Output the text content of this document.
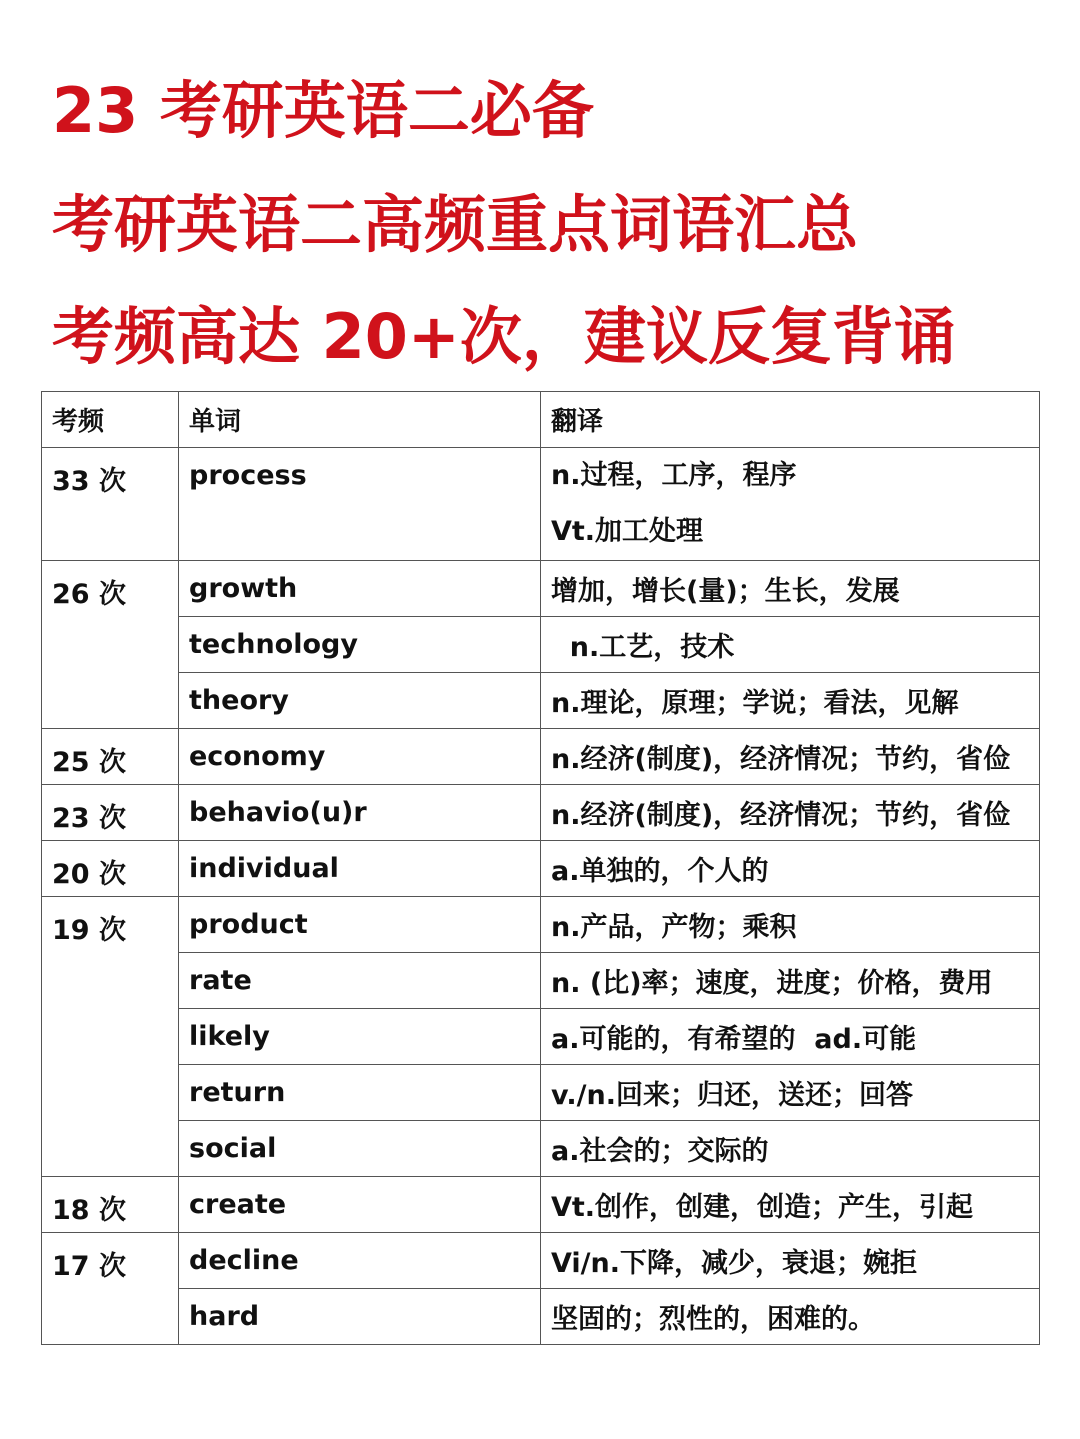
23 考研英语二必备
考研英语二高频重点词语汇总
考频高达 20+次，建议反复背诵
考频	单词	翻译
33 次	process	n.过程，工序，程序
Vt.加工处理

26 次	growth	增加，增长(量)；生长，发展
	technology	n.工艺，技术
	theory	n.理论，原理；学说；看法，见解
25 次	economy	n.经济(制度)，经济情况；节约，省俭
23 次	behavio(u)r	n.经济(制度)，经济情况；节约，省俭
20 次	individual	a.单独的，个人的
19 次	product	n.产品，产物；乘积
	rate	n. (比)率；速度，进度；价格，费用
	likely	a.可能的，有希望的  ad.可能
	return	v./n.回来；归还，送还；回答
	social	a.社会的；交际的
18 次	create	Vt.创作，创建，创造；产生，引起
17 次	decline	Vi/n.下降，减少，衰退；婉拒
	hard	坚固的；烈性的，困难的。
